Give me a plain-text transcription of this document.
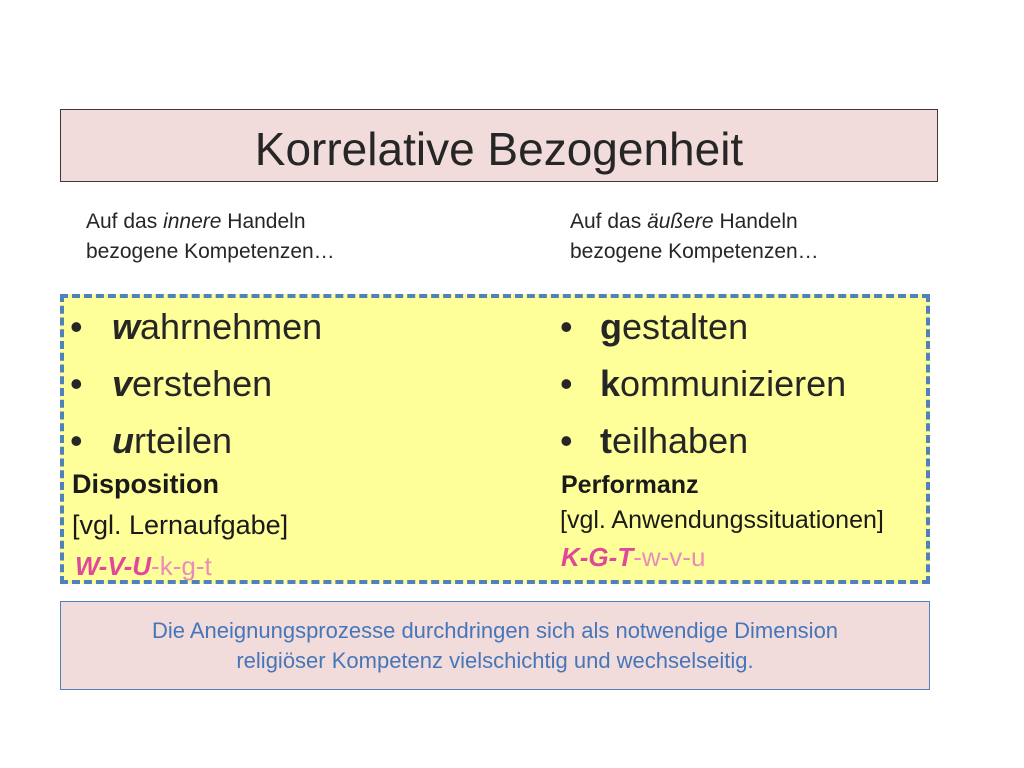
Korrelative Bezogenheit
Auf das innere Handeln
bezogene Kompetenzen…
Auf das äußere Handeln
bezogene Kompetenzen…
•
w ahrnehmen
•
v erstehen
•
u rteilen
•
g estalten
•
k ommunizieren
•
t eilhaben
Disposition
[vgl. Lernaufgabe]
W-V-U-k-g-t
Performanz
[vgl. Anwendungssituationen]
K-G-T-w-v-u
Die Aneignungsprozesse durchdringen sich als notwendige Dimension
religiöser Kompetenz vielschichtig und wechselseitig.
